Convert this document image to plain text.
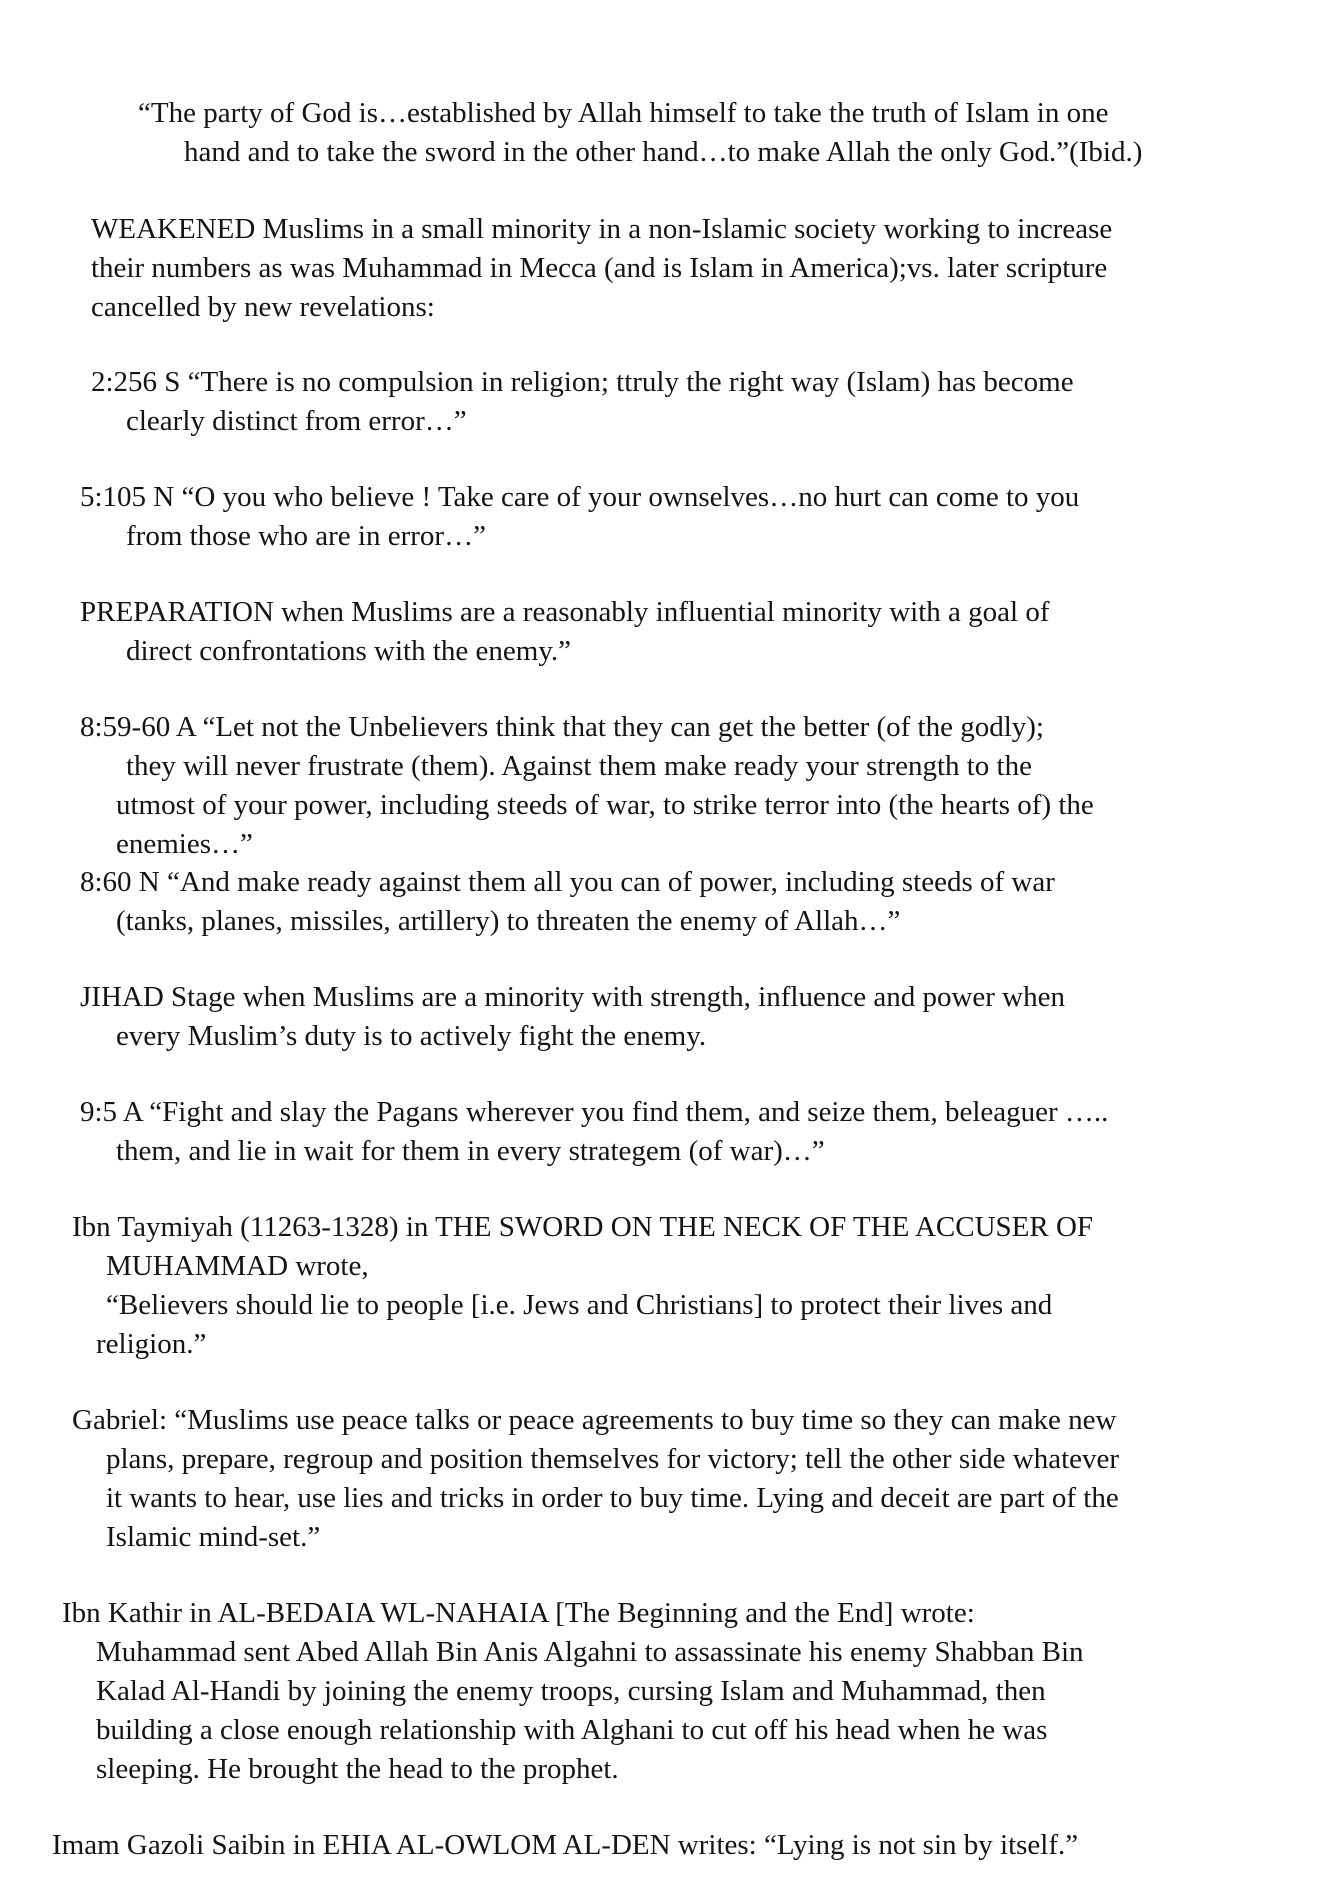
“The party of God is…established by Allah himself to take the truth of Islam in one

hand and to take the sword in the other hand…to make Allah the only God.”(Ibid.)

WEAKENED Muslims in a small minority in a non-Islamic society working to increase

their numbers as was Muhammad in Mecca (and is Islam in America);vs. later scripture

cancelled by new revelations:

2:256 S “There is no compulsion in religion; ttruly the right way (Islam) has become

clearly distinct from error…”

5:105 N “O you who believe ! Take care of your ownselves…no hurt can come to you

from those who are in error…”

PREPARATION when Muslims are a reasonably influential minority with a goal of

direct confrontations with the enemy.”

8:59-60 A “Let not the Unbelievers think that they can get the better (of the godly);

they will never frustrate (them). Against them make ready your strength to the

utmost of your power, including steeds of war, to strike terror into (the hearts of) the

enemies…”

8:60 N “And make ready against them all you can of power, including steeds of war

(tanks, planes, missiles, artillery) to threaten the enemy of Allah…”

JIHAD Stage when Muslims are a minority with strength, influence and power when

every Muslim’s duty is to actively fight the enemy.

9:5 A “Fight and slay the Pagans wherever you find them, and seize them, beleaguer …..

them, and lie in wait for them in every strategem (of war)…”

Ibn Taymiyah (11263-1328) in THE SWORD ON THE NECK OF THE ACCUSER OF

MUHAMMAD wrote,

“Believers should lie to people [i.e. Jews and Christians] to protect their lives and

religion.”

Gabriel: “Muslims use peace talks or peace agreements to buy time so they can make new

plans, prepare, regroup and position themselves for victory; tell the other side whatever

it wants to hear, use lies and tricks in order to buy time. Lying and deceit are part of the

Islamic mind-set.”

Ibn Kathir in AL-BEDAIA WL-NAHAIA [The Beginning and the End] wrote:

Muhammad sent Abed Allah Bin Anis Algahni to assassinate his enemy Shabban Bin

Kalad Al-Handi by joining the enemy troops, cursing Islam and Muhammad, then

building a close enough relationship with Alghani to cut off his head when he was

sleeping. He brought the head to the prophet.

Imam Gazoli Saibin in EHIA AL-OWLOM AL-DEN writes: “Lying is not sin by itself.”
